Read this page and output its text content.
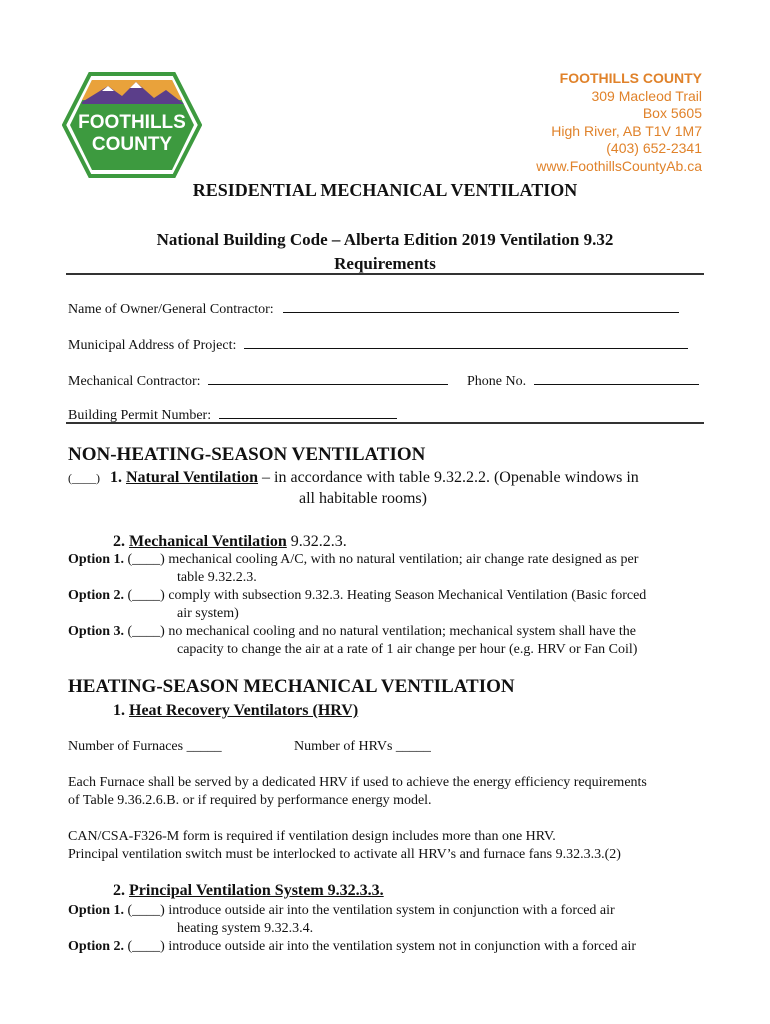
FOOTHILLS
COUNTY
FOOTHILLS COUNTY
309 Macleod Trail
Box 5605
High River, AB T1V 1M7
(403) 652-2341
www.FoothillsCountyAb.ca
RESIDENTIAL MECHANICAL VENTILATION
National Building Code – Alberta Edition 2019 Ventilation 9.32
Requirements
Name of Owner/General Contractor:
Municipal Address of Project:
Mechanical Contractor:	Phone No.
Building Permit Number:
NON-HEATING-SEASON VENTILATION
(____) 1. Natural Ventilation – in accordance with table 9.32.2.2. (Openable windows in
all habitable rooms)
2. Mechanical Ventilation 9.32.2.3.
Option 1. (____) mechanical cooling A/C, with no natural ventilation; air change rate designed as per
table 9.32.2.3.
Option 2. (____) comply with subsection 9.32.3. Heating Season Mechanical Ventilation (Basic forced
air system)
Option 3. (____) no mechanical cooling and no natural ventilation; mechanical system shall have the
capacity to change the air at a rate of 1 air change per hour (e.g. HRV or Fan Coil)
HEATING-SEASON MECHANICAL VENTILATION
1. Heat Recovery Ventilators (HRV)
Number of Furnaces _____	Number of HRVs _____
Each Furnace shall be served by a dedicated HRV if used to achieve the energy efficiency requirements
of Table 9.36.2.6.B. or if required by performance energy model.
CAN/CSA-F326-M form is required if ventilation design includes more than one HRV.
Principal ventilation switch must be interlocked to activate all HRV’s and furnace fans 9.32.3.3.(2)
2. Principal Ventilation System 9.32.3.3.
Option 1. (____) introduce outside air into the ventilation system in conjunction with a forced air
heating system 9.32.3.4.
Option 2. (____) introduce outside air into the ventilation system not in conjunction with a forced air
